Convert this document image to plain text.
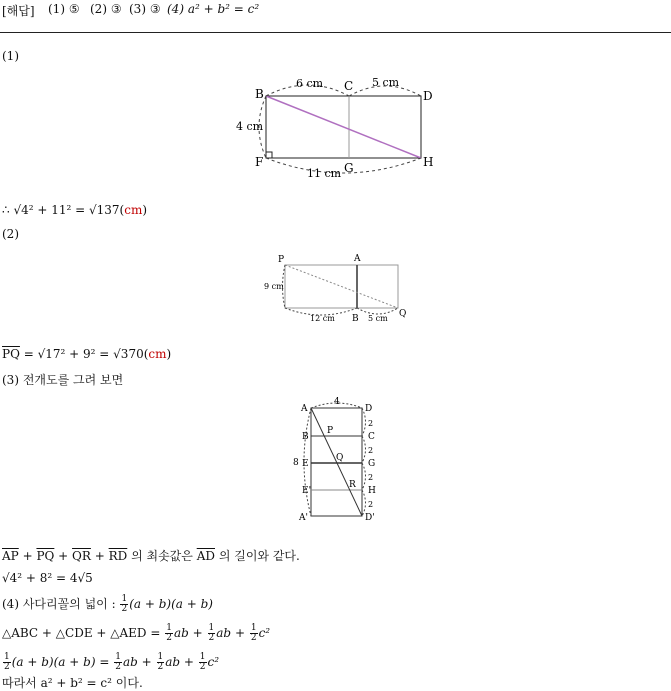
[해답] (1) ⑤ (2) ③ (3) ③ (4) a² + b² = c²
(1)
B
C
D
F	G	H
6 cm	5 cm
4 cm
11 cm
∴ √4² + 11² = √137(cm)
(2)
P	A
B	Q
9 cm
12 cm	5 cm
$\overline{PQ} = √17^2 + 9^2 = √370(cm)$
(3) 전개도를 그려 보면
A	D
B	C
E	G
E'	H
A'	D'
P
Q
R
4
8
2
2
2
2
$\overline{AP} + \overline{PQ} + \overline{QR} + \overline{RD}$ 의 최솟값은 $\overline{AD}$ 의 길이와 같다.
√4² + 8² = 4√5
(4) 사다리꼴의 넓이 : $\frac{1}{2} (a + b)(a + b)$
△ABC + △CDE + △AED = $\frac{1}{2}$ ab + $\frac{1}{2}$ ab + $\frac{1}{2} c^2$
$\frac{1}{2} (a + b)(a + b) = \frac{1}{2}$ ab + $\frac{1}{2}$ ab + $\frac{1}{2} c^2$
따라서 a² + b² = c² 이다.
